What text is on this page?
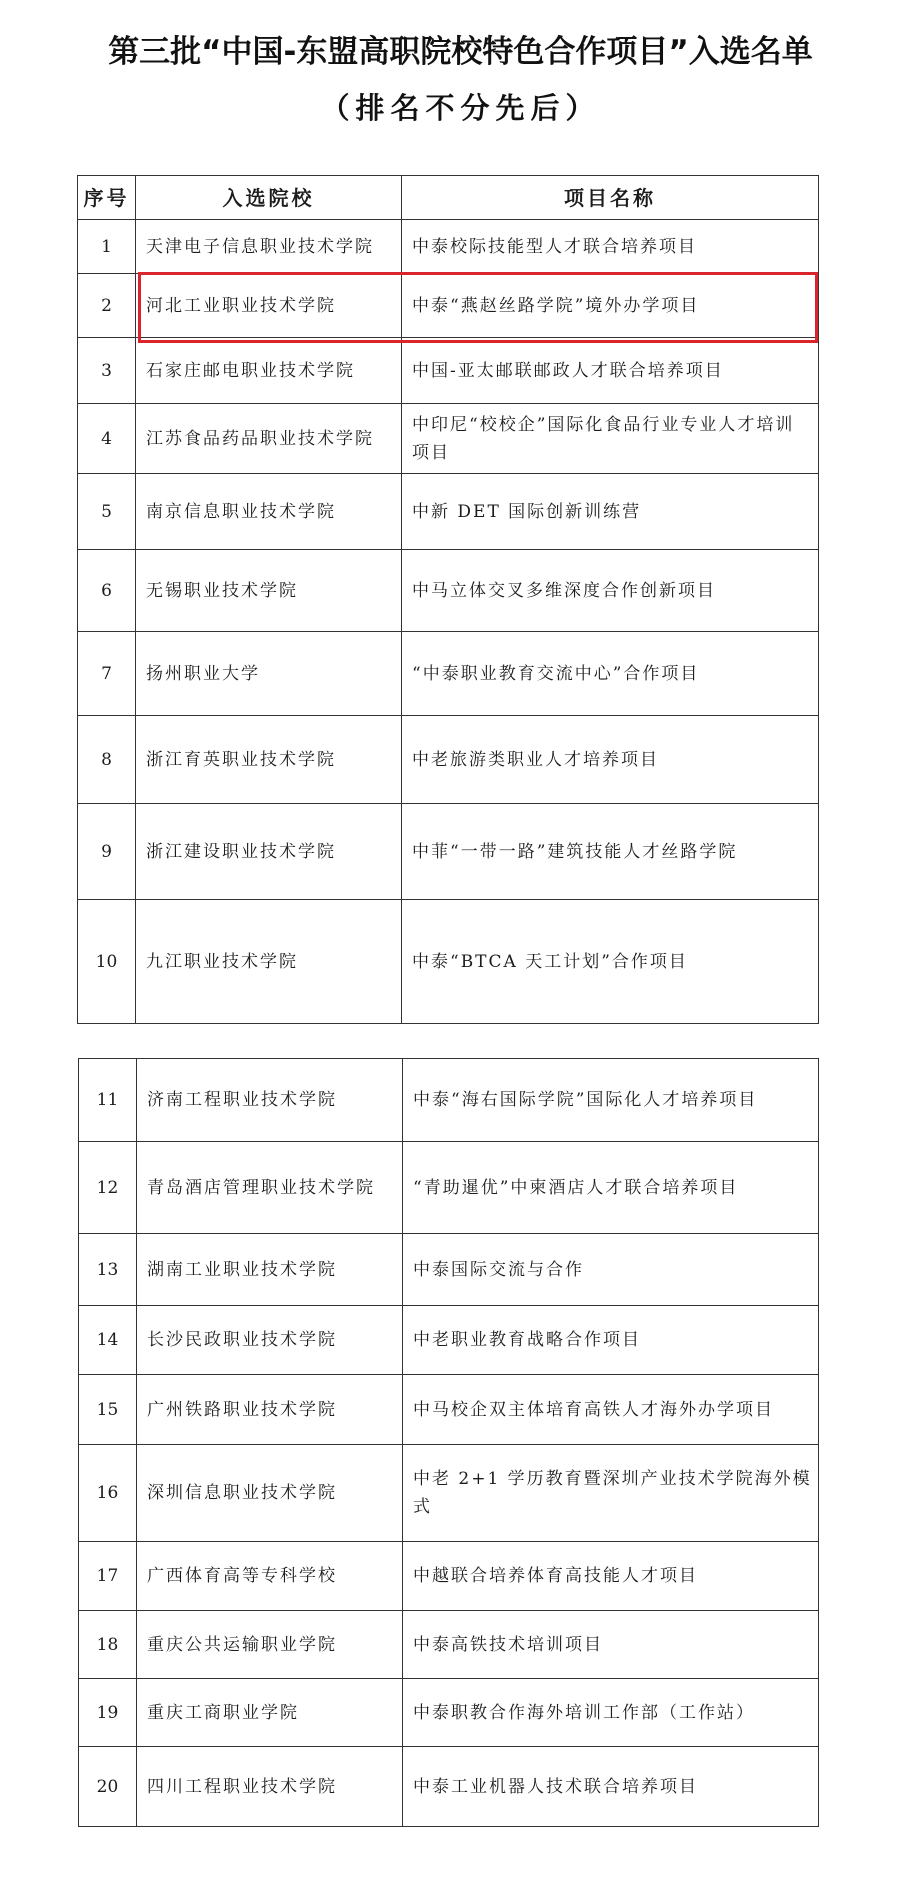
第三批“中国-东盟高职院校特色合作项目”入选名单
（排名不分先后）
序号	入选院校	项目名称
1	天津电子信息职业技术学院	中泰校际技能型人才联合培养项目
2	河北工业职业技术学院	中泰“燕赵丝路学院”境外办学项目
3	石家庄邮电职业技术学院	中国-亚太邮联邮政人才联合培养项目
4	江苏食品药品职业技术学院	中印尼“校校企”国际化食品行业专业人才培训项目
5	南京信息职业技术学院	中新 DET 国际创新训练营
6	无锡职业技术学院	中马立体交叉多维深度合作创新项目
7	扬州职业大学	“中泰职业教育交流中心”合作项目
8	浙江育英职业技术学院	中老旅游类职业人才培养项目
9	浙江建设职业技术学院	中菲“一带一路”建筑技能人才丝路学院
10	九江职业技术学院	中泰“BTCA 天工计划”合作项目
11	济南工程职业技术学院	中泰“海右国际学院”国际化人才培养项目
12	青岛酒店管理职业技术学院	“青助暹优”中柬酒店人才联合培养项目
13	湖南工业职业技术学院	中泰国际交流与合作
14	长沙民政职业技术学院	中老职业教育战略合作项目
15	广州铁路职业技术学院	中马校企双主体培育高铁人才海外办学项目
16	深圳信息职业技术学院	中老 2+1 学历教育暨深圳产业技术学院海外模式
17	广西体育高等专科学校	中越联合培养体育高技能人才项目
18	重庆公共运输职业学院	中泰高铁技术培训项目
19	重庆工商职业学院	中泰职教合作海外培训工作部（工作站）
20	四川工程职业技术学院	中泰工业机器人技术联合培养项目
